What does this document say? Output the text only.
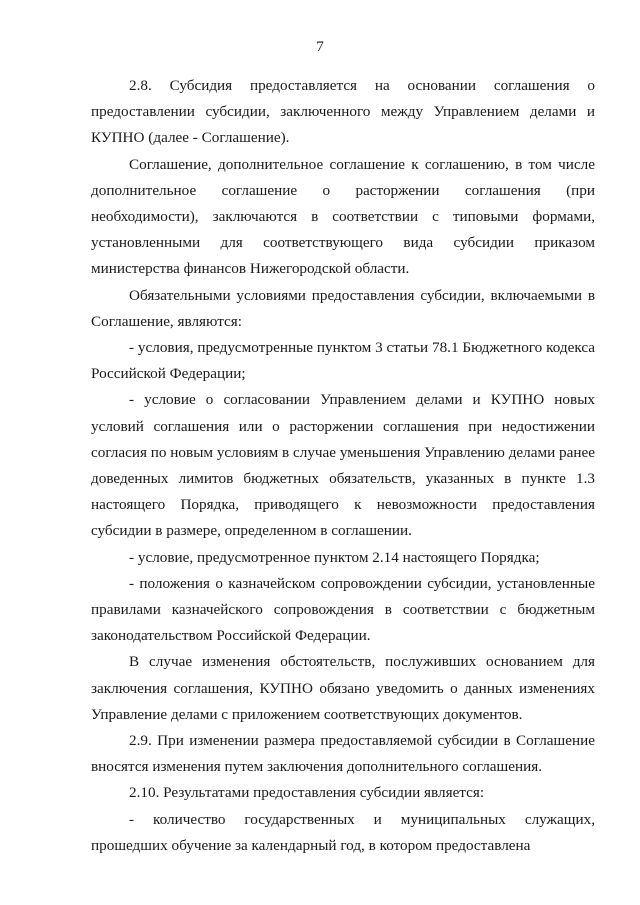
7

2.8. Субсидия предоставляется на основании соглашения о предоставлении субсидии, заключенного между Управлением делами и КУПНО (далее - Соглашение).

Соглашение, дополнительное соглашение к соглашению, в том числе дополнительное соглашение о расторжении соглашения (при необходимости), заключаются в соответствии с типовыми формами, установленными для соответствующего вида субсидии приказом министерства финансов Нижегородской области.

Обязательными условиями предоставления субсидии, включаемыми в Соглашение, являются:

- условия, предусмотренные пунктом 3 статьи 78.1 Бюджетного кодекса Российской Федерации;

- условие о согласовании Управлением делами и КУПНО новых условий соглашения или о расторжении соглашения при недостижении согласия по новым условиям в случае уменьшения Управлению делами ранее доведенных лимитов бюджетных обязательств, указанных в пункте 1.3 настоящего Порядка, приводящего к невозможности предоставления субсидии в размере, определенном в соглашении.

- условие, предусмотренное пунктом 2.14 настоящего Порядка;

- положения о казначейском сопровождении субсидии, установленные правилами казначейского сопровождения в соответствии с бюджетным законодательством Российской Федерации.

В случае изменения обстоятельств, послуживших основанием для заключения соглашения, КУПНО обязано уведомить о данных изменениях Управление делами с приложением соответствующих документов.

2.9. При изменении размера предоставляемой субсидии в Соглашение вносятся изменения путем заключения дополнительного соглашения.

2.10. Результатами предоставления субсидии является:

- количество государственных и муниципальных служащих, прошедших обучение за календарный год, в котором предоставлена
